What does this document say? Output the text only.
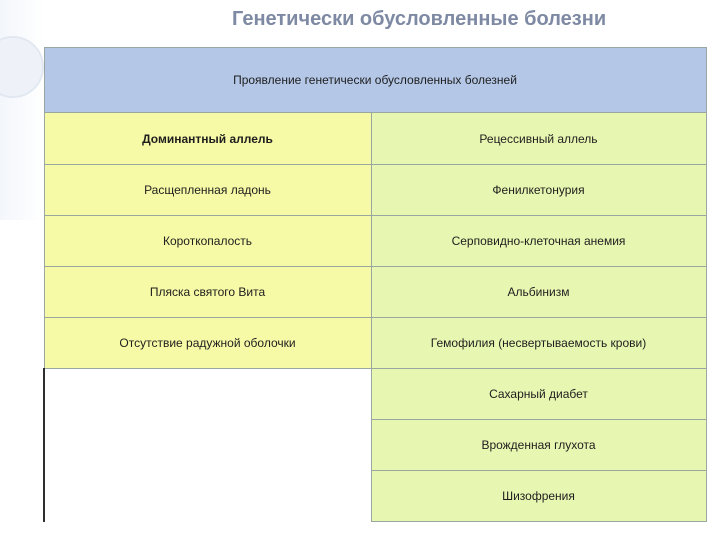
Генетически обусловленные болезни
Проявление генетически обусловленных болезней	
Доминантный аллель	Рецессивный аллель
Расщепленная ладонь	Фенилкетонурия
Короткопалость	Серповидно-клеточная анемия
Пляска святого Вита	Альбинизм
Отсутствие радужной оболочки	Гемофилия (несвертываемость крови)
	Сахарный диабет
	Врожденная глухота
	Шизофрения
